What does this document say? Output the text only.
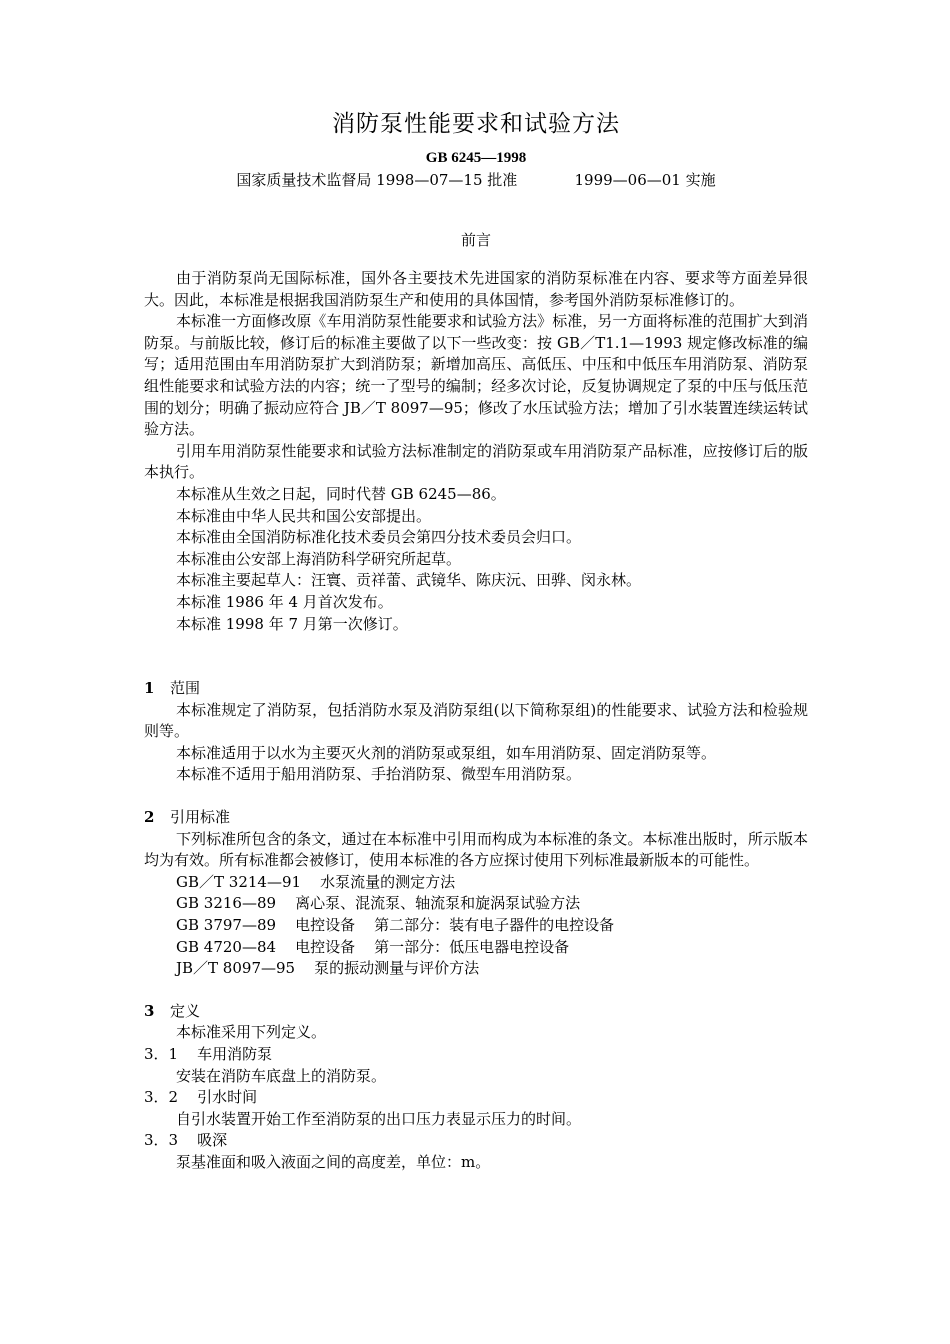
消防泵性能要求和试验方法
GB 6245—1998
国家质量技术监督局 1998—07—15 批准            1999—06—01 实施
前言

由于消防泵尚无国际标准，国外各主要技术先进国家的消防泵标准在内容、要求等方面差异很大。因此，本标准是根据我国消防泵生产和使用的具体国情，参考国外消防泵标准修订的。

本标准一方面修改原《车用消防泵性能要求和试验方法》标准，另一方面将标准的范围扩大到消防泵。与前版比较，修订后的标准主要做了以下一些改变：按 GB／T1.1—1993 规定修改标准的编写；适用范围由车用消防泵扩大到消防泵；新增加高压、高低压、中压和中低压车用消防泵、消防泵组性能要求和试验方法的内容；统一了型号的编制；经多次讨论，反复协调规定了泵的中压与低压范围的划分；明确了振动应符合 JB／T 8097—95；修改了水压试验方法；增加了引水装置连续运转试验方法。

引用车用消防泵性能要求和试验方法标准制定的消防泵或车用消防泵产品标准，应按修订后的版本执行。

本标准从生效之日起，同时代替 GB 6245—86。

本标准由中华人民共和国公安部提出。

本标准由全国消防标准化技术委员会第四分技术委员会归口。

本标准由公安部上海消防科学研究所起草。

本标准主要起草人：汪寰、贡祥蕾、武镜华、陈庆沅、田骅、闵永林。

本标准 1986 年 4 月首次发布。

本标准 1998 年 7 月第一次修订。

1 范围

本标准规定了消防泵，包括消防水泵及消防泵组(以下简称泵组)的性能要求、试验方法和检验规则等。

本标准适用于以水为主要灭火剂的消防泵或泵组，如车用消防泵、固定消防泵等。

本标准不适用于船用消防泵、手抬消防泵、微型车用消防泵。

2 引用标准

下列标准所包含的条文，通过在本标准中引用而构成为本标准的条文。本标准出版时，所示版本均为有效。所有标准都会被修订，使用本标准的各方应探讨使用下列标准最新版本的可能性。

GB／T 3214—91    水泵流量的测定方法

GB 3216—89    离心泵、混流泵、轴流泵和旋涡泵试验方法

GB 3797—89    电控设备    第二部分：装有电子器件的电控设备

GB 4720—84    电控设备    第一部分：低压电器电控设备

JB／T 8097—95    泵的振动测量与评价方法

3 定义

本标准采用下列定义。

3．1    车用消防泵

安装在消防车底盘上的消防泵。

3．2    引水时间

自引水装置开始工作至消防泵的出口压力表显示压力的时间。

3．3    吸深

泵基准面和吸入液面之间的高度差，单位：m。
